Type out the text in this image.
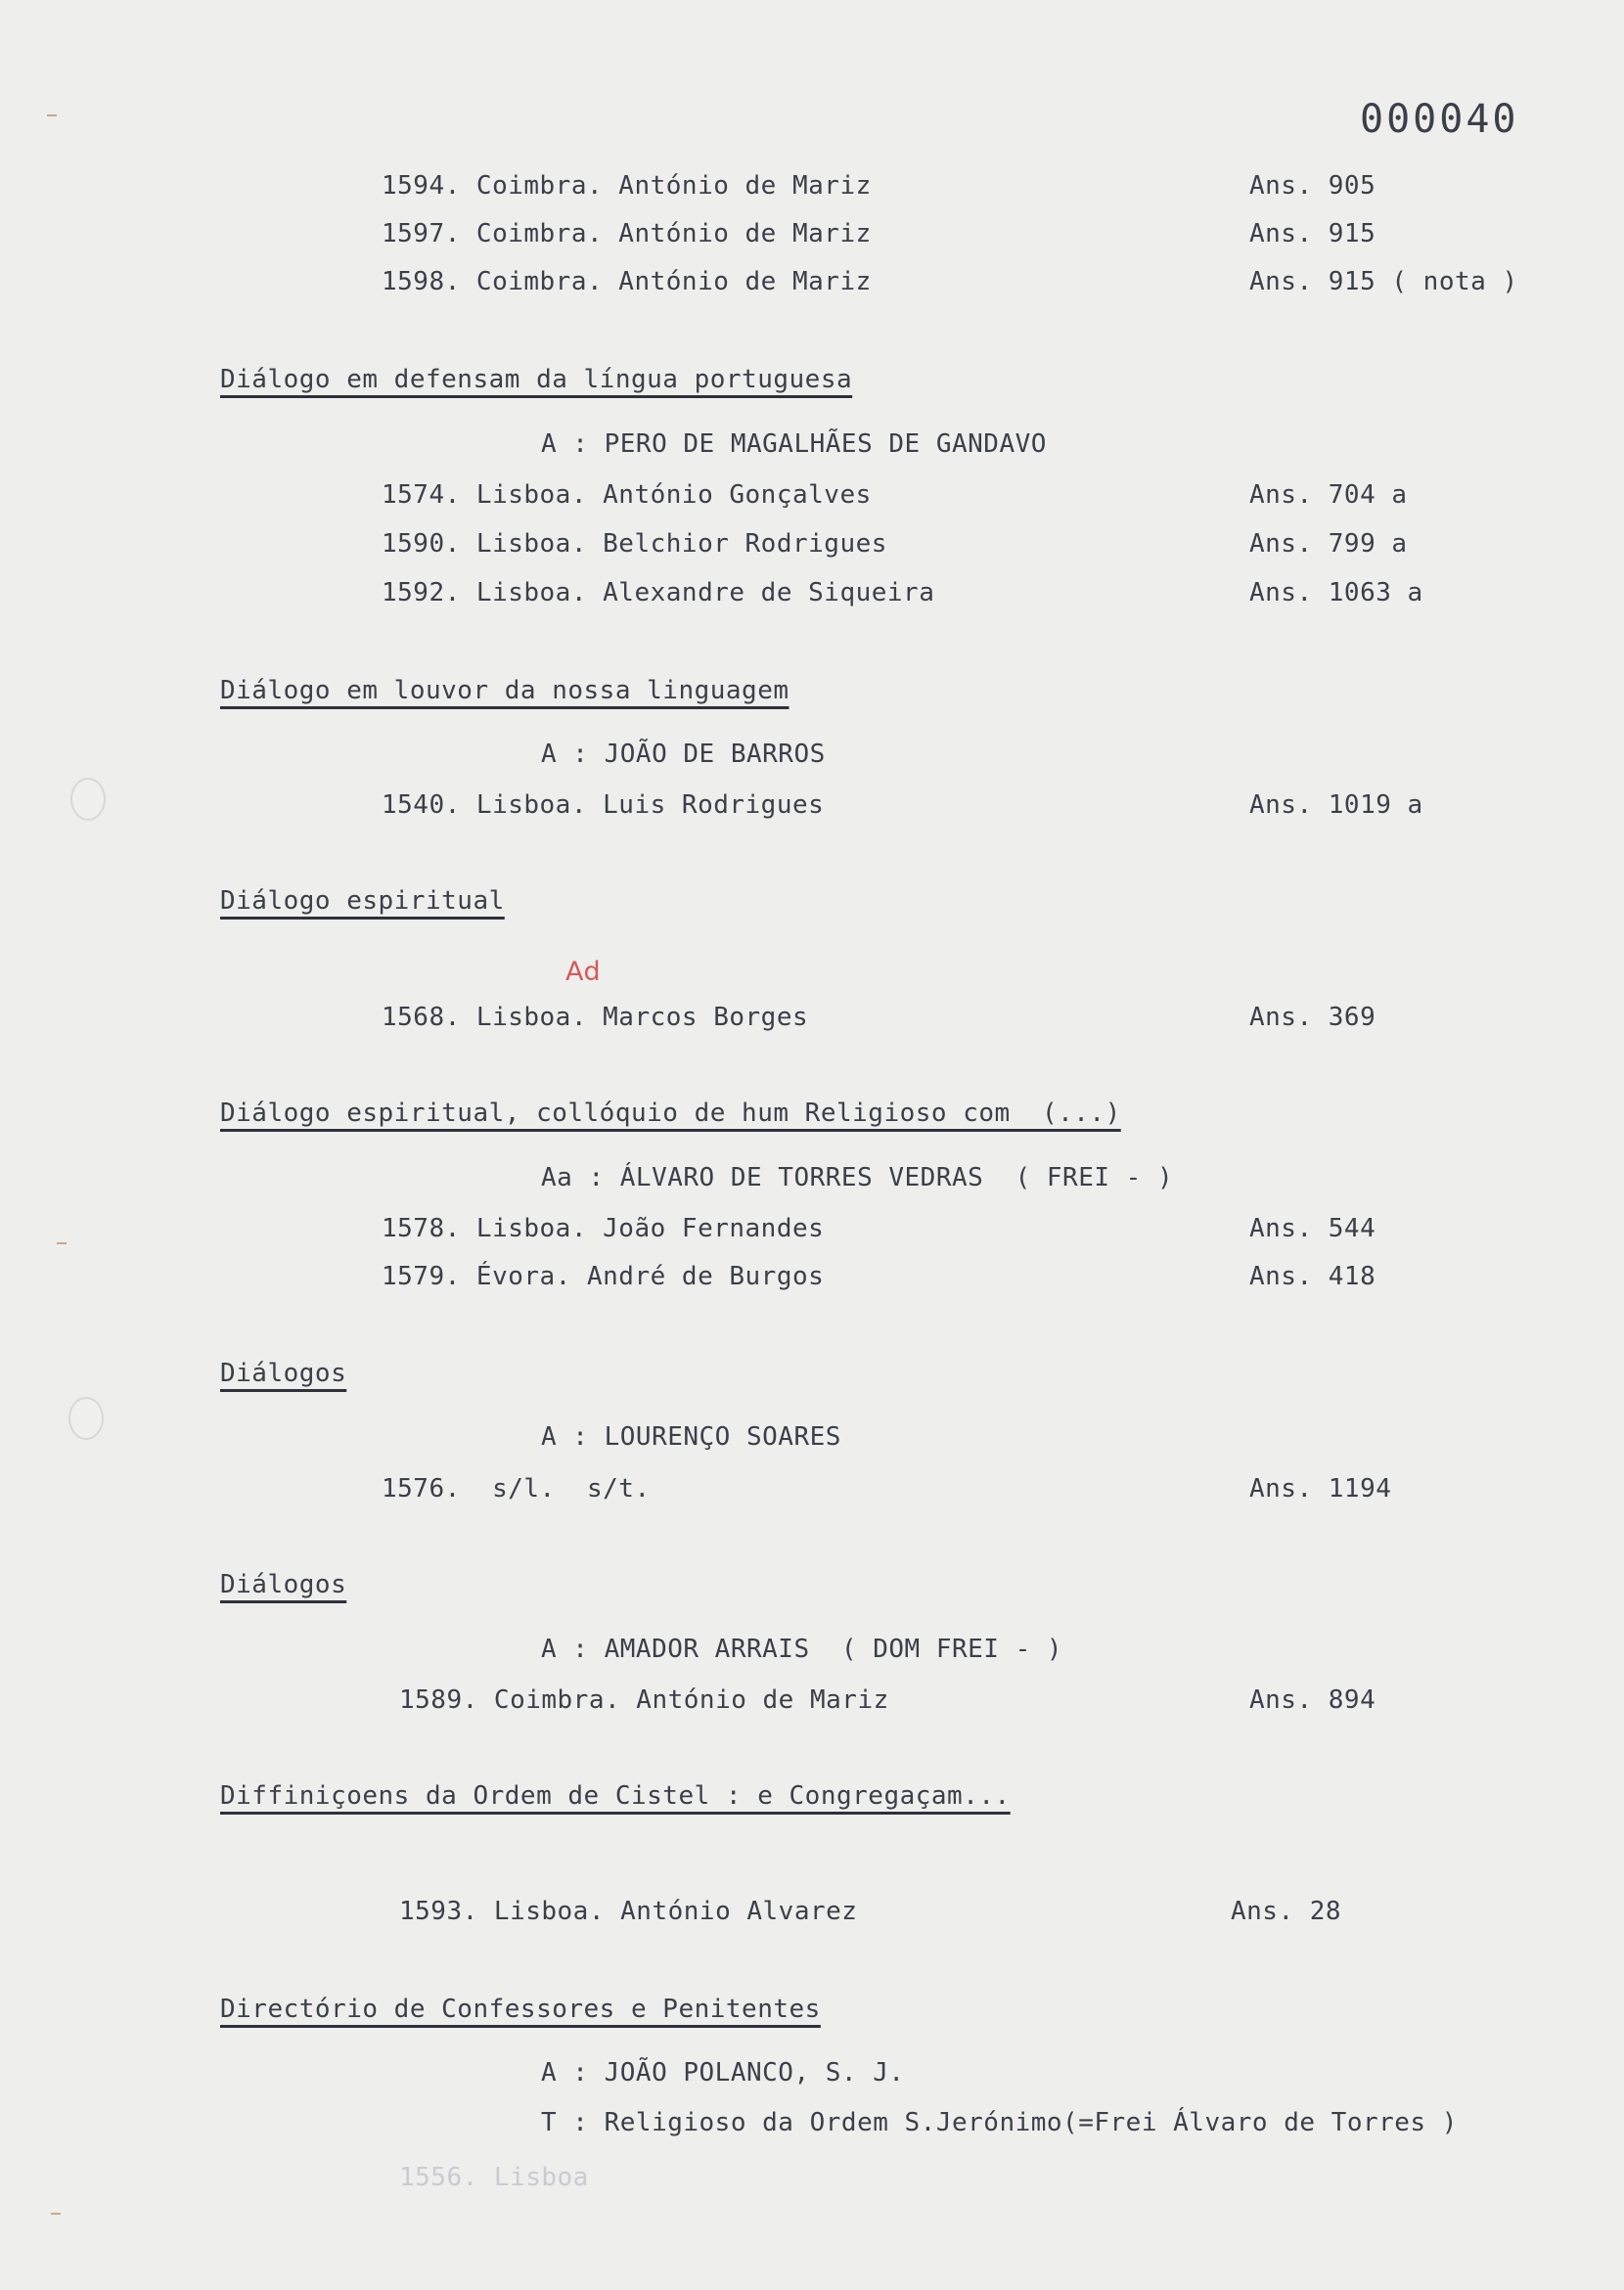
000040
1594. Coimbra. António de Mariz	Ans. 905
1597. Coimbra. António de Mariz	Ans. 915
1598. Coimbra. António de Mariz	Ans. 915 ( nota )
Diálogo em defensam da língua portuguesa
A : PERO DE MAGALHÃES DE GANDAVO
1574. Lisboa. António Gonçalves	Ans. 704 a
1590. Lisboa. Belchior Rodrigues	Ans. 799 a
1592. Lisboa. Alexandre de Siqueira	Ans. 1063 a
Diálogo em louvor da nossa linguagem
A : JOÃO DE BARROS
1540. Lisboa. Luis Rodrigues	Ans. 1019 a
Diálogo espiritual
Ad
1568. Lisboa. Marcos Borges	Ans. 369
Diálogo espiritual, collóquio de hum Religioso com  (...)
Aa : ÁLVARO DE TORRES VEDRAS  ( FREI - )
1578. Lisboa. João Fernandes	Ans. 544
1579. Évora. André de Burgos	Ans. 418
Diálogos
A : LOURENÇO SOARES
1576.  s/l.  s/t.	Ans. 1194
Diálogos
A : AMADOR ARRAIS  ( DOM FREI - )
1589. Coimbra. António de Mariz	Ans. 894
Diffiniçoens da Ordem de Cistel : e Congregaçam...
1593. Lisboa. António Alvarez	Ans. 28
Directório de Confessores e Penitentes
A : JOÃO POLANCO, S. J.
T : Religioso da Ordem S.Jerónimo(=Frei Álvaro de Torres )
1556. Lisboa
